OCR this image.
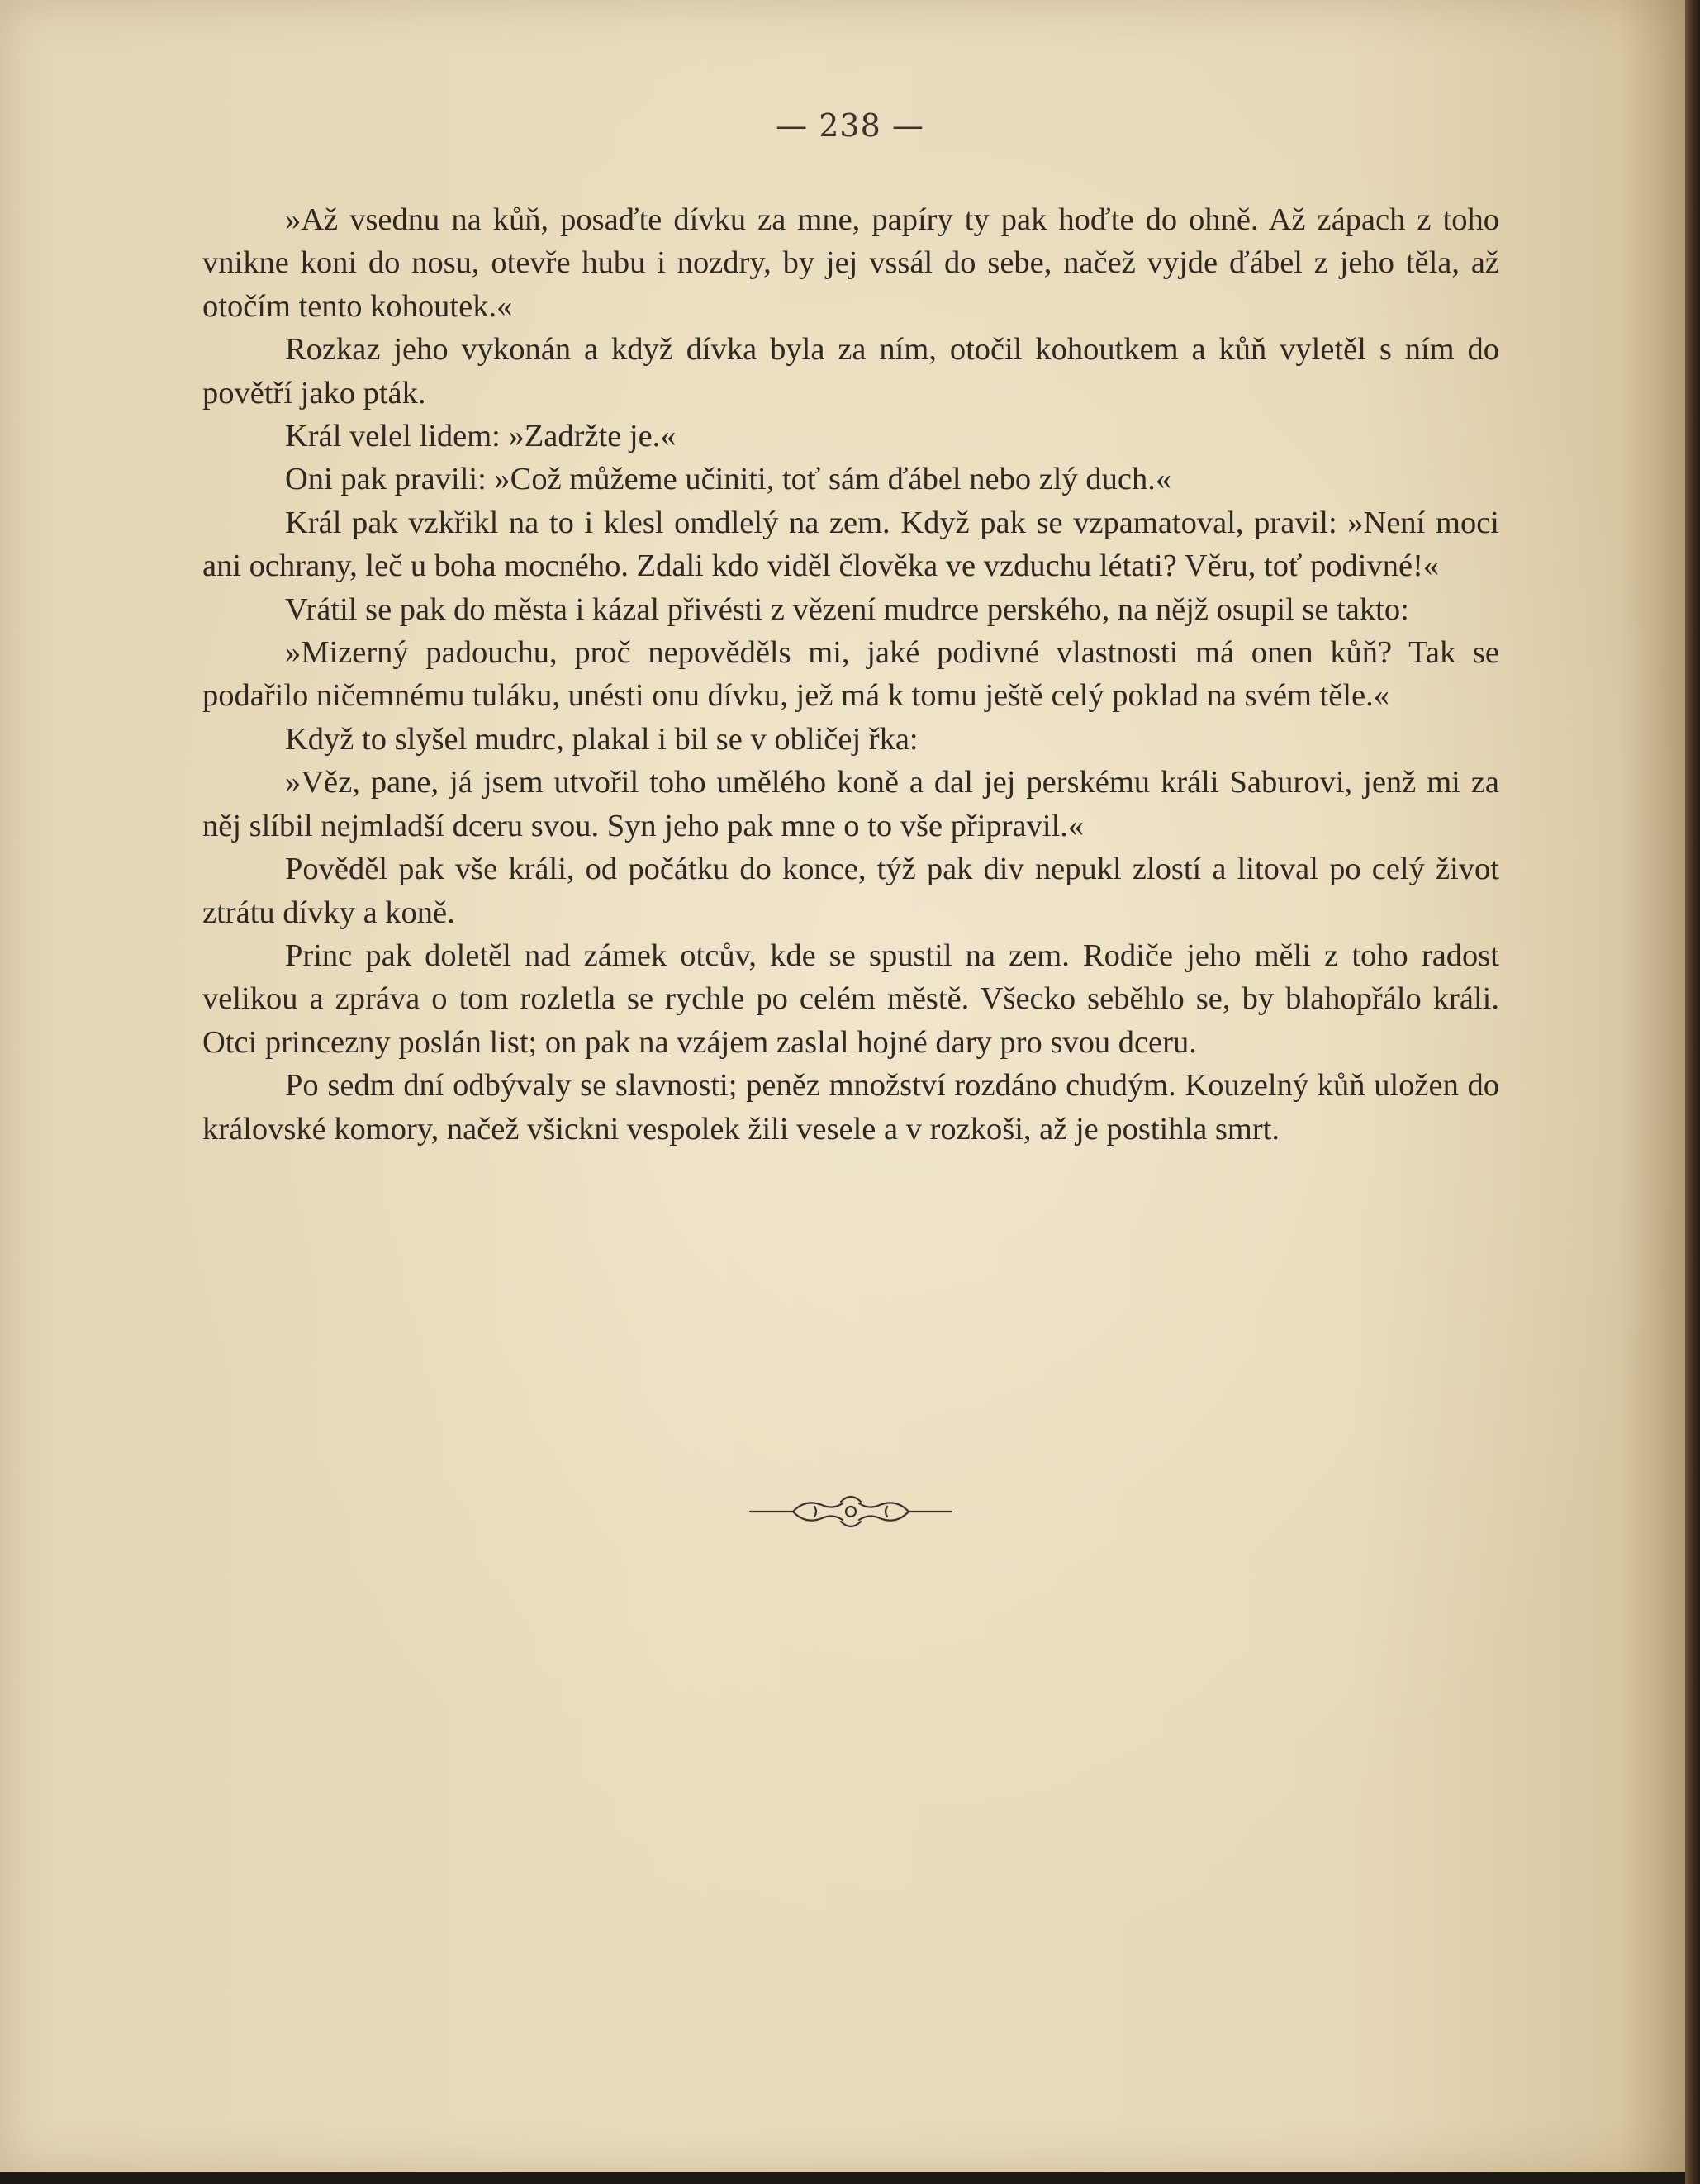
— 238 —

»Až vsednu na kůň, posaďte dívku za mne, papíry ty pak hoďte do ohně. Až zápach z toho vnikne koni do nosu, otevře hubu i nozdry, by jej vssál do sebe, načež vyjde ďábel z jeho těla, až otočím tento kohoutek.«

Rozkaz jeho vykonán a když dívka byla za ním, otočil kohoutkem a kůň vyletěl s ním do povětří jako pták.

Král velel lidem: »Zadržte je.«

Oni pak pravili: »Což můžeme učiniti, toť sám ďábel nebo zlý duch.«

Král pak vzkřikl na to i klesl omdlelý na zem. Když pak se vzpamatoval, pravil: »Není moci ani ochrany, leč u boha mocného. Zdali kdo viděl člověka ve vzduchu létati? Věru, toť podivné!«

Vrátil se pak do města i kázal přivésti z vězení mudrce perského, na nějž osupil se takto:

»Mizerný padouchu, proč nepověděls mi, jaké podivné vlastnosti má onen kůň? Tak se podařilo ničemnému tuláku, unésti onu dívku, jež má k tomu ještě celý poklad na svém těle.«

Když to slyšel mudrc, plakal i bil se v obličej řka:

»Věz, pane, já jsem utvořil toho umělého koně a dal jej perskému králi Saburovi, jenž mi za něj slíbil nejmladší dceru svou. Syn jeho pak mne o to vše připravil.«

Pověděl pak vše králi, od počátku do konce, týž pak div nepukl zlostí a litoval po celý život ztrátu dívky a koně.

Princ pak doletěl nad zámek otcův, kde se spustil na zem. Rodiče jeho měli z toho radost velikou a zpráva o tom rozletla se rychle po celém městě. Všecko seběhlo se, by blahopřálo králi. Otci princezny poslán list; on pak na vzájem zaslal hojné dary pro svou dceru.

Po sedm dní odbývaly se slavnosti; peněz množství rozdáno chudým. Kouzelný kůň uložen do královské komory, načež všickni vespolek žili vesele a v rozkoši, až je postihla smrt.
